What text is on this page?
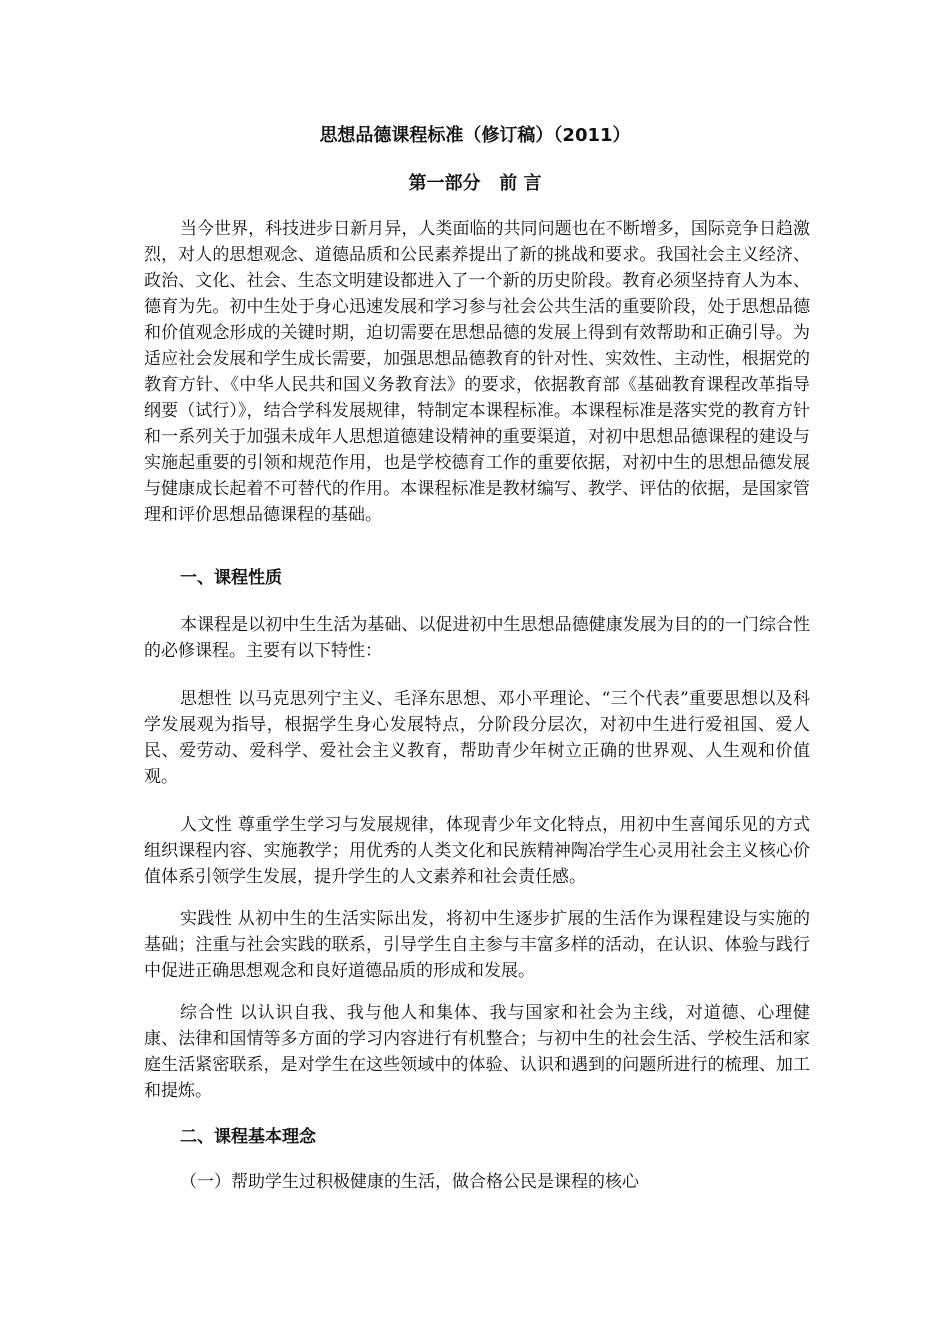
思想品德课程标准（修订稿）（2011）
第一部分   前 言

当今世界，科技进步日新月异，人类面临的共同问题也在不断增多，国际竞争日趋激烈，对人的思想观念、道德品质和公民素养提出了新的挑战和要求。我国社会主义经济、政治、文化、社会、生态文明建设都进入了一个新的历史阶段。教育必须坚持育人为本、德育为先。初中生处于身心迅速发展和学习参与社会公共生活的重要阶段，处于思想品德和价值观念形成的关键时期，迫切需要在思想品德的发展上得到有效帮助和正确引导。为适应社会发展和学生成长需要，加强思想品德教育的针对性、实效性、主动性，根据党的教育方针、《中华人民共和国义务教育法》的要求，依据教育部《基础教育课程改革指导纲要（试行）》，结合学科发展规律，特制定本课程标准。本课程标准是落实党的教育方针和一系列关于加强未成年人思想道德建设精神的重要渠道，对初中思想品德课程的建设与实施起重要的引领和规范作用，也是学校德育工作的重要依据，对初中生的思想品德发展与健康成长起着不可替代的作用。本课程标准是教材编写、教学、评估的依据，是国家管理和评价思想品德课程的基础。

一、课程性质

本课程是以初中生生活为基础、以促进初中生思想品德健康发展为目的的一门综合性的必修课程。主要有以下特性：

思想性 以马克思列宁主义、毛泽东思想、邓小平理论、“三个代表”重要思想以及科学发展观为指导，根据学生身心发展特点，分阶段分层次，对初中生进行爱祖国、爱人民、爱劳动、爱科学、爱社会主义教育，帮助青少年树立正确的世界观、人生观和价值观。

人文性 尊重学生学习与发展规律，体现青少年文化特点，用初中生喜闻乐见的方式组织课程内容、实施教学；用优秀的人类文化和民族精神陶冶学生心灵用社会主义核心价值体系引领学生发展，提升学生的人文素养和社会责任感。

实践性 从初中生的生活实际出发，将初中生逐步扩展的生活作为课程建设与实施的基础；注重与社会实践的联系，引导学生自主参与丰富多样的活动，在认识、体验与践行中促进正确思想观念和良好道德品质的形成和发展。

综合性 以认识自我、我与他人和集体、我与国家和社会为主线，对道德、心理健康、法律和国情等多方面的学习内容进行有机整合；与初中生的社会生活、学校生活和家庭生活紧密联系，是对学生在这些领域中的体验、认识和遇到的问题所进行的梳理、加工和提炼。

二、课程基本理念
（一）帮助学生过积极健康的生活，做合格公民是课程的核心
